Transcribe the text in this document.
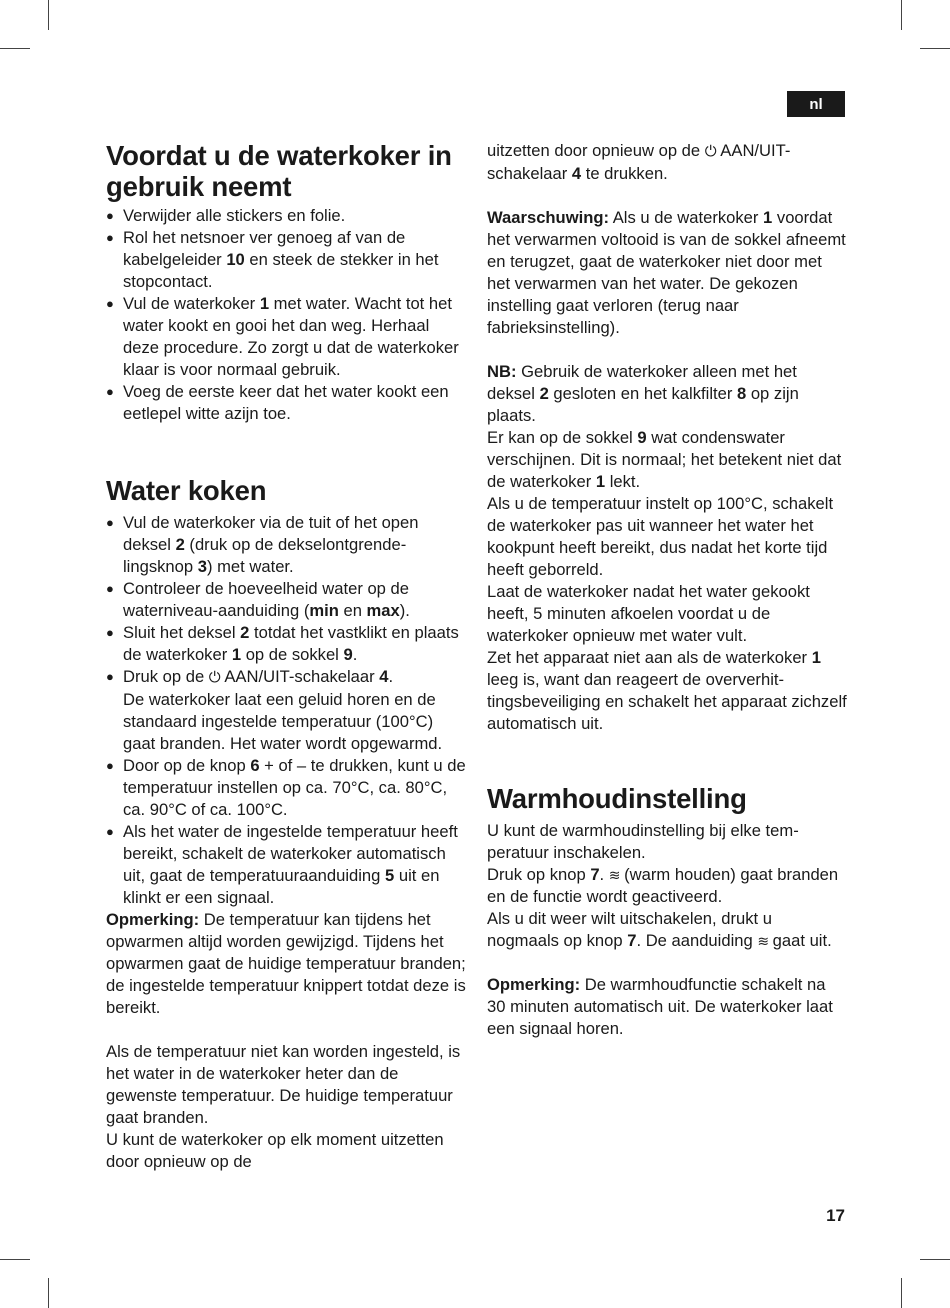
nl
Voordat u de waterkoker in gebruik neemt
● Verwijder alle stickers en folie.
● Rol het netsnoer ver genoeg af van de kabelgeleider 10 en steek de stekker in het stopcontact.
● Vul de waterkoker 1 met water. Wacht tot het water kookt en gooi het dan weg. Herhaal deze procedure. Zo zorgt u dat de waterkoker klaar is voor normaal gebruik.
● Voeg de eerste keer dat het water kookt een eetlepel witte azijn toe.
Water koken
● Vul de waterkoker via de tuit of het open deksel 2 (druk op de dekselontgrendelingsknop 3) met water.
● Controleer de hoeveelheid water op de waterniveau-aanduiding (min en max).
● Sluit het deksel 2 totdat het vastklikt en plaats de waterkoker 1 op de sokkel 9.
● Druk op de ⏻ AAN/UIT-schakelaar 4.
De waterkoker laat een geluid horen en de standaard ingestelde temperatuur (100°C) gaat branden. Het water wordt opgewarmd.
● Door op de knop 6 + of – te drukken, kunt u de temperatuur instellen op ca. 70°C, ca. 80°C, ca. 90°C of ca. 100°C.
● Als het water de ingestelde temperatuur heeft bereikt, schakelt de waterkoker automatisch uit, gaat de temperatuuraanduiding 5 uit en klinkt er een signaal.

Opmerking: De temperatuur kan tijdens het opwarmen altijd worden gewijzigd. Tijdens het opwarmen gaat de huidige temperatuur branden; de ingestelde temperatuur knippert totdat deze is bereikt.

Als de temperatuur niet kan worden ingesteld, is het water in de waterkoker heter dan de gewenste temperatuur. De huidige temperatuur gaat branden.
U kunt de waterkoker op elk moment uitzetten door opnieuw op de

uitzetten door opnieuw op de ⏻ AAN/UIT-schakelaar 4 te drukken.

Waarschuwing: Als u de waterkoker 1 voordat het verwarmen voltooid is van de sokkel afneemt en terugzet, gaat de waterkoker niet door met het verwarmen van het water. De gekozen instelling gaat verloren (terug naar fabrieksinstelling).

NB: Gebruik de waterkoker alleen met het deksel 2 gesloten en het kalkfilter 8 op zijn plaats.

Er kan op de sokkel 9 wat condenswater verschijnen. Dit is normaal; het betekent niet dat de waterkoker 1 lekt.

Als u de temperatuur instelt op 100°C, schakelt de waterkoker pas uit wanneer het water het kookpunt heeft bereikt, dus nadat het korte tijd heeft geborreld.

Laat de waterkoker nadat het water gekookt heeft, 5 minuten afkoelen voordat u de waterkoker opnieuw met water vult.

Zet het apparaat niet aan als de waterkoker 1 leeg is, want dan reageert de oververhittingsbeveiliging en schakelt het apparaat zichzelf automatisch uit.

Warmhoudinstelling

U kunt de warmhoudinstelling bij elke temperatuur inschakelen.

Druk op knop 7. ≋ (warm houden) gaat branden en de functie wordt geactiveerd.

Als u dit weer wilt uitschakelen, drukt u nogmaals op knop 7. De aanduiding ≋ gaat uit.

Opmerking: De warmhoudfunctie schakelt na 30 minuten automatisch uit. De waterkoker laat een signaal horen.

17
